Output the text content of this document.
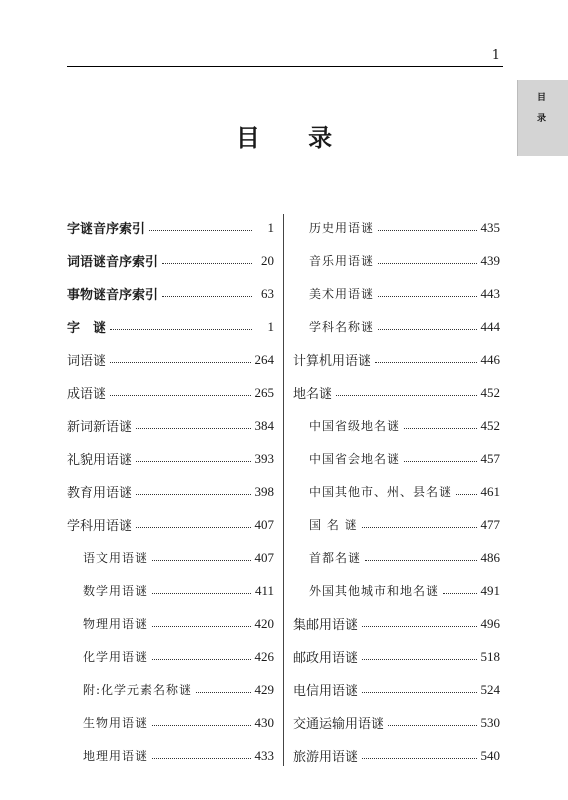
1
目录
目 录
字谜音序索引	1
词语谜音序索引	20
事物谜音序索引	63
字　谜	1
词语谜	264
成语谜	265
新词新语谜	384
礼貌用语谜	393
教育用语谜	398
学科用语谜	407
语文用语谜	407
数学用语谜	411
物理用语谜	420
化学用语谜	426
附:化学元素名称谜	429
生物用语谜	430
地理用语谜	433
历史用语谜	435
音乐用语谜	439
美术用语谜	443
学科名称谜	444
计算机用语谜	446
地名谜	452
中国省级地名谜	452
中国省会地名谜	457
中国其他市、州、县名谜 461
国 名 谜	477
首都名谜	486
外国其他城市和地名谜	491
集邮用语谜	496
邮政用语谜	518
电信用语谜	524
交通运输用语谜	530
旅游用语谜	540
